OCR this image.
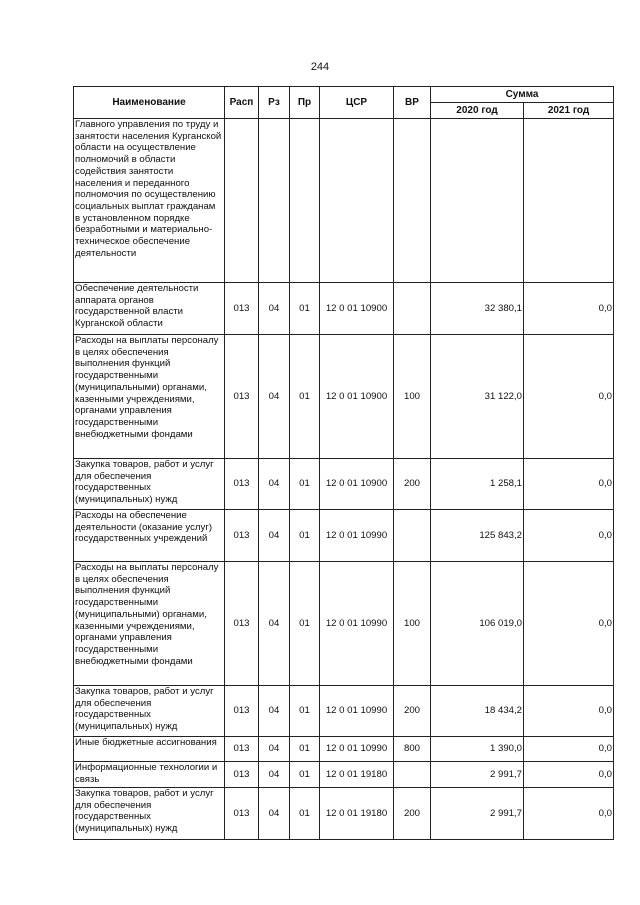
244
Наименование	Расп	Рз	Пр	ЦСР	ВР	Сумма	
						2020 год	2021 год
Главного управления по труду и занятости населения Курганской области на осуществление полномочий в области содействия занятости населения и переданного полномочия по осуществлению социальных выплат гражданам в установленном порядке безработными и материально-техническое обеспечение деятельности							
Обеспечение деятельности аппарата органов государственной власти Курганской области	013	04	01	12 0 01 10900		32 380,1	0,0
Расходы на выплаты персоналу в целях обеспечения выполнения функций государственными (муниципальными) органами, казенными учреждениями, органами управления государственными внебюджетными фондами	013	04	01	12 0 01 10900	100	31 122,0	0,0
Закупка товаров, работ и услуг для обеспечения государственных (муниципальных) нужд	013	04	01	12 0 01 10900	200	1 258,1	0,0
Расходы на обеспечение деятельности (оказание услуг) государственных учреждений	013	04	01	12 0 01 10990		125 843,2	0,0
Расходы на выплаты персоналу в целях обеспечения выполнения функций государственными (муниципальными) органами, казенными учреждениями, органами управления государственными внебюджетными фондами	013	04	01	12 0 01 10990	100	106 019,0	0,0
Закупка товаров, работ и услуг для обеспечения государственных (муниципальных) нужд	013	04	01	12 0 01 10990	200	18 434,2	0,0
Иные бюджетные ассигнования	013	04	01	12 0 01 10990	800	1 390,0	0,0
Информационные технологии и связь	013	04	01	12 0 01 19180		2 991,7	0,0
Закупка товаров, работ и услуг для обеспечения государственных (муниципальных) нужд	013	04	01	12 0 01 19180	200	2 991,7	0,0
